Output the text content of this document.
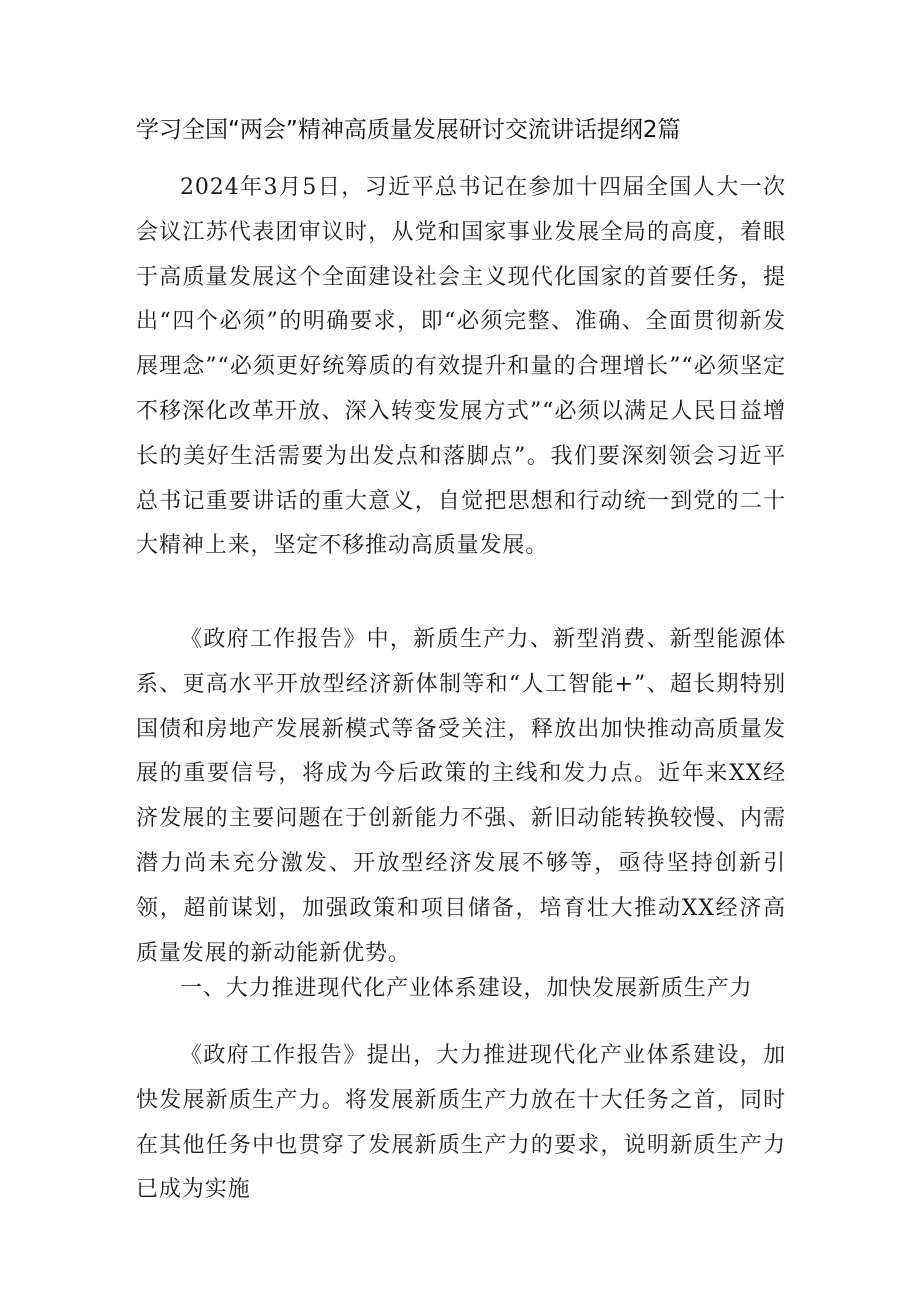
学习全国“两会”精神高质量发展研讨交流讲话提纲2篇

2024年3月5日，习近平总书记在参加十四届全国人大一次会议江苏代表团审议时，从党和国家事业发展全局的高度，着眼于高质量发展这个全面建设社会主义现代化国家的首要任务，提出“四个必须”的明确要求，即“必须完整、准确、全面贯彻新发展理念”“必须更好统筹质的有效提升和量的合理增长”“必须坚定不移深化改革开放、深入转变发展方式”“必须以满足人民日益增长的美好生活需要为出发点和落脚点”。我们要深刻领会习近平总书记重要讲话的重大意义，自觉把思想和行动统一到党的二十大精神上来，坚定不移推动高质量发展。

《政府工作报告》中，新质生产力、新型消费、新型能源体系、更高水平开放型经济新体制等和“人工智能+”、超长期特别国债和房地产发展新模式等备受关注，释放出加快推动高质量发展的重要信号，将成为今后政策的主线和发力点。近年来XX经济发展的主要问题在于创新能力不强、新旧动能转换较慢、内需潜力尚未充分激发、开放型经济发展不够等，亟待坚持创新引领，超前谋划，加强政策和项目储备，培育壮大推动XX经济高质量发展的新动能新优势。

一、大力推进现代化产业体系建设，加快发展新质生产力

《政府工作报告》提出，大力推进现代化产业体系建设，加快发展新质生产力。将发展新质生产力放在十大任务之首，同时在其他任务中也贯穿了发展新质生产力的要求，说明新质生产力已成为实施
